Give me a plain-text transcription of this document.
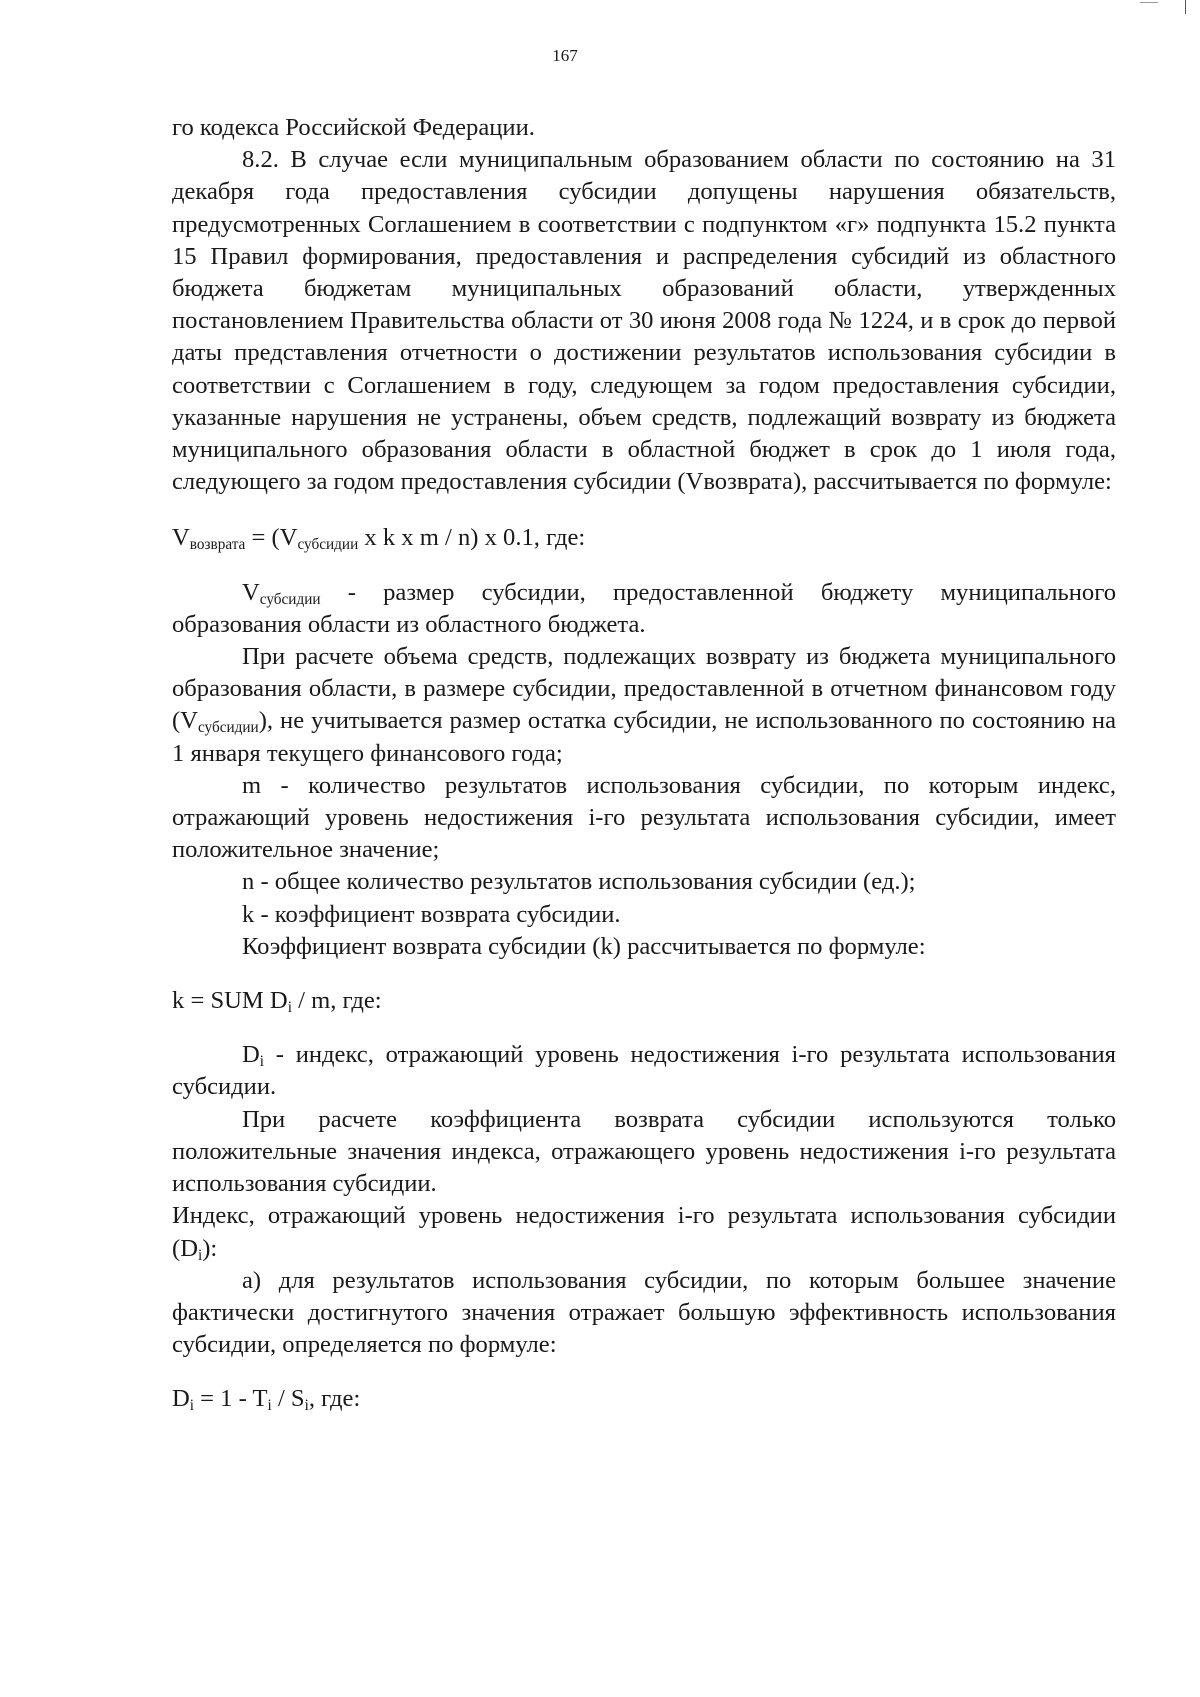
167

го кодекса Российской Федерации.

8.2. В случае если муниципальным образованием области по состоянию на 31 декабря года предоставления субсидии допущены нарушения обязательств, предусмотренных Соглашением в соответствии с подпунктом «г» подпункта 15.2 пункта 15 Правил формирования, предоставления и распределения субсидий из областного бюджета бюджетам муниципальных образований области, утвержденных постановлением Правительства области от 30 июня 2008 года № 1224, и в срок до первой даты представления отчетности о достижении результатов использования субсидии в соответствии с Соглашением в году, следующем за годом предоставления субсидии, указанные нарушения не устранены, объем средств, подлежащий возврату из бюджета муниципального образования области в областной бюджет в срок до 1 июля года, следующего за годом предоставления субсидии (Vвозврата), рассчитывается по формуле:

$V_{возврата} = (V_{субсидии}$ x k x m / n) x 0.1, где:

$V_{субсидии}$ - размер субсидии, предоставленной бюджету муниципального образования области из областного бюджета.

При расчете объема средств, подлежащих возврату из бюджета муниципального образования области, в размере субсидии, предоставленной в отчетном финансовом году $(V_{субсидии})$, не учитывается размер остатка субсидии, не использованного по состоянию на 1 января текущего финансового года;

m - количество результатов использования субсидии, по которым индекс, отражающий уровень недостижения i-го результата использования субсидии, имеет положительное значение;

n - общее количество результатов использования субсидии (ед.);

k - коэффициент возврата субсидии.

Коэффициент возврата субсидии (k) рассчитывается по формуле:

k = SUM $D_i$ / m, где:

$D_i$ - индекс, отражающий уровень недостижения i-го результата использования субсидии.

При расчете коэффициента возврата субсидии используются только положительные значения индекса, отражающего уровень недостижения i-го результата использования субсидии.

Индекс, отражающий уровень недостижения i-го результата использования субсидии $(D_i)$:

а) для результатов использования субсидии, по которым большее значение фактически достигнутого значения отражает большую эффективность использования субсидии, определяется по формуле:

$D_i = 1 - T_i / S_i$, где:
